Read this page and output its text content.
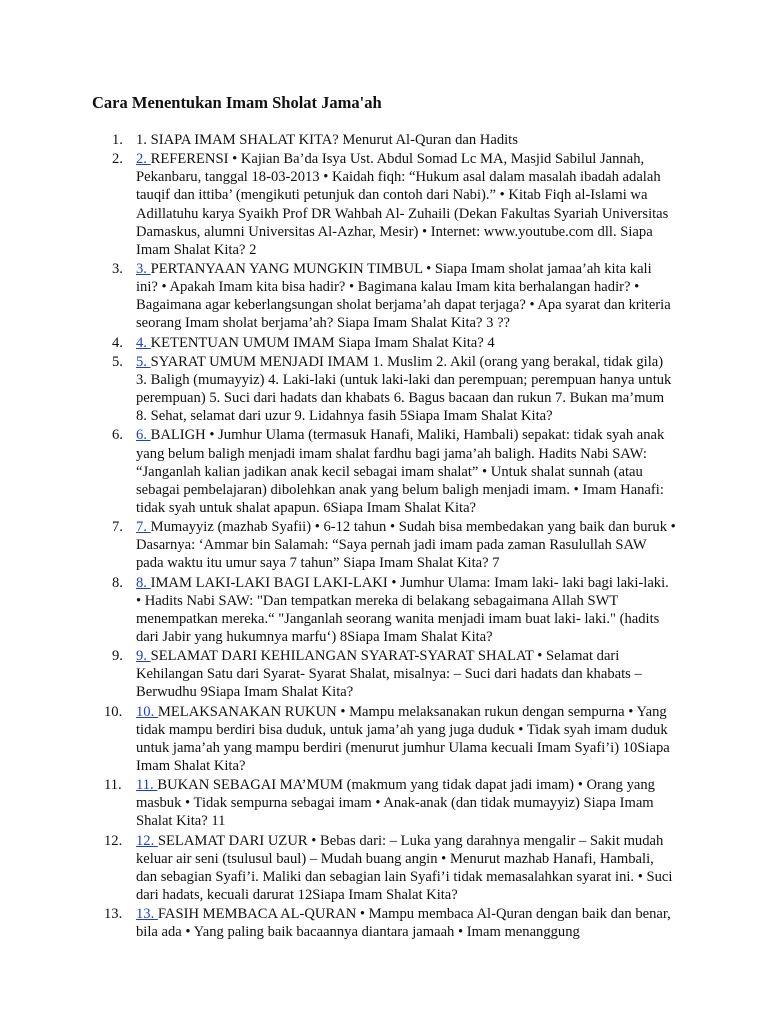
Cara Menentukan Imam Sholat Jama'ah
1. 1. SIAPA IMAM SHALAT KITA? Menurut Al-Quran dan Hadits
2. 2. REFERENSI • Kajian Ba’da Isya Ust. Abdul Somad Lc MA, Masjid Sabilul Jannah, Pekanbaru, tanggal 18-03-2013 • Kaidah fiqh: “Hukum asal dalam masalah ibadah adalah tauqif dan ittiba’ (mengikuti petunjuk dan contoh dari Nabi).” • Kitab Fiqh al-Islami wa Adillatuhu karya Syaikh Prof DR Wahbah Al- Zuhaili (Dekan Fakultas Syariah Universitas Damaskus, alumni Universitas Al-Azhar, Mesir) • Internet: www.youtube.com dll. Siapa Imam Shalat Kita? 2
3. 3. PERTANYAAN YANG MUNGKIN TIMBUL • Siapa Imam sholat jamaa’ah kita kali ini? • Apakah Imam kita bisa hadir? • Bagimana kalau Imam kita berhalangan hadir? • Bagaimana agar keberlangsungan sholat berjama’ah dapat terjaga? • Apa syarat dan kriteria seorang Imam sholat berjama’ah? Siapa Imam Shalat Kita? 3 ??
4. 4. KETENTUAN UMUM IMAM Siapa Imam Shalat Kita? 4
5. 5. SYARAT UMUM MENJADI IMAM 1. Muslim 2. Akil (orang yang berakal, tidak gila) 3. Baligh (mumayyiz) 4. Laki-laki (untuk laki-laki dan perempuan; perempuan hanya untuk perempuan) 5. Suci dari hadats dan khabats 6. Bagus bacaan dan rukun 7. Bukan ma’mum 8. Sehat, selamat dari uzur 9. Lidahnya fasih 5Siapa Imam Shalat Kita?
6. 6. BALIGH • Jumhur Ulama (termasuk Hanafi, Maliki, Hambali) sepakat: tidak syah anak yang belum baligh menjadi imam shalat fardhu bagi jama’ah baligh. Hadits Nabi SAW: “Janganlah kalian jadikan anak kecil sebagai imam shalat” • Untuk shalat sunnah (atau sebagai pembelajaran) dibolehkan anak yang belum baligh menjadi imam. • Imam Hanafi: tidak syah untuk shalat apapun. 6Siapa Imam Shalat Kita?
7. 7. Mumayyiz (mazhab Syafii) • 6-12 tahun • Sudah bisa membedakan yang baik dan buruk • Dasarnya: ‘Ammar bin Salamah: “Saya pernah jadi imam pada zaman Rasulullah SAW pada waktu itu umur saya 7 tahun” Siapa Imam Shalat Kita? 7
8. 8. IMAM LAKI-LAKI BAGI LAKI-LAKI • Jumhur Ulama: Imam laki- laki bagi laki-laki. • Hadits Nabi SAW: "Dan tempatkan mereka di belakang sebagaimana Allah SWT menempatkan mereka.“ "Janganlah seorang wanita menjadi imam buat laki- laki." (hadits dari Jabir yang hukumnya marfu‘) 8Siapa Imam Shalat Kita?
9. 9. SELAMAT DARI KEHILANGAN SYARAT-SYARAT SHALAT • Selamat dari Kehilangan Satu dari Syarat- Syarat Shalat, misalnya: – Suci dari hadats dan khabats – Berwudhu 9Siapa Imam Shalat Kita?
10. 10. MELAKSANAKAN RUKUN • Mampu melaksanakan rukun dengan sempurna • Yang tidak mampu berdiri bisa duduk, untuk jama’ah yang juga duduk • Tidak syah imam duduk untuk jama’ah yang mampu berdiri (menurut jumhur Ulama kecuali Imam Syafi’i) 10Siapa Imam Shalat Kita?
11. 11. BUKAN SEBAGAI MA’MUM (makmum yang tidak dapat jadi imam) • Orang yang masbuk • Tidak sempurna sebagai imam • Anak-anak (dan tidak mumayyiz) Siapa Imam Shalat Kita? 11
12. 12. SELAMAT DARI UZUR • Bebas dari: – Luka yang darahnya mengalir – Sakit mudah keluar air seni (tsulusul baul) – Mudah buang angin • Menurut mazhab Hanafi, Hambali, dan sebagian Syafi’i. Maliki dan sebagian lain Syafi’i tidak memasalahkan syarat ini. • Suci dari hadats, kecuali darurat 12Siapa Imam Shalat Kita?
13. 13. FASIH MEMBACA AL-QURAN • Mampu membaca Al-Quran dengan baik dan benar, bila ada • Yang paling baik bacaannya diantara jamaah • Imam menanggung
